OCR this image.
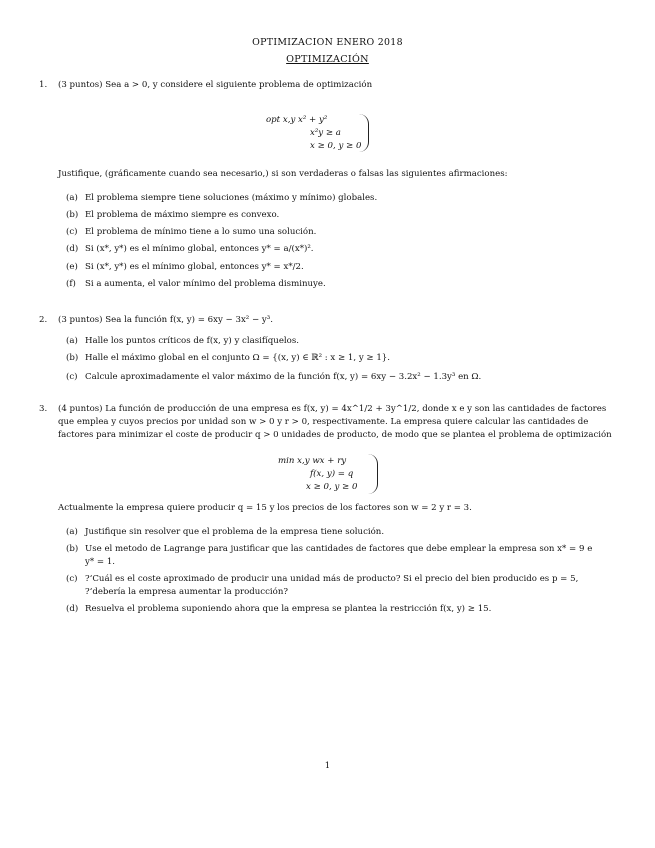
OPTIMIZACION ENERO 2018
OPTIMIZACIÓN
1. (3 puntos) Sea a > 0, y considere el siguiente problema de optimización
opt x,y x² + y²
x²y ≥ a
x ≥ 0, y ≥ 0
Justifique, (gráficamente cuando sea necesario,) si son verdaderas o falsas las siguientes afirmaciones:
(a) El problema siempre tiene soluciones (máximo y mínimo) globales.
(b) El problema de máximo siempre es convexo.
(c) El problema de mínimo tiene a lo sumo una solución.
(d) Si (x*, y*) es el mínimo global, entonces y* = a/(x*)².
(e) Si (x*, y*) es el mínimo global, entonces y* = x*/2.
(f) Si a aumenta, el valor mínimo del problema disminuye.
2. (3 puntos) Sea la función f(x, y) = 6xy − 3x² − y³.
(a) Halle los puntos críticos de f(x, y) y clasifíquelos.
(b) Halle el máximo global en el conjunto Ω = {(x, y) ∈ ℝ² : x ≥ 1, y ≥ 1}.
(c) Calcule aproximadamente el valor máximo de la función f(x, y) = 6xy − 3.2x² − 1.3y³ en Ω.
3. (4 puntos) La función de producción de una empresa es f(x, y) = 4x^1/2 + 3y^1/2, donde x e y son las cantidades de factores que emplea y cuyos precios por unidad son w > 0 y r > 0, respectivamente. La empresa quiere calcular las cantidades de factores para minimizar el coste de producir q > 0 unidades de producto, de modo que se plantea el problema de optimización
min x,y wx + ry
f(x, y) = q
x ≥ 0, y ≥ 0
Actualmente la empresa quiere producir q = 15 y los precios de los factores son w = 2 y r = 3.
(a) Justifique sin resolver que el problema de la empresa tiene solución.
(b) Use el metodo de Lagrange para justificar que las cantidades de factores que debe emplear la empresa son x* = 9 e y* = 1.
(c) ?‘Cuál es el coste aproximado de producir una unidad más de producto? Si el precio del bien producido es p = 5, ?‘debería la empresa aumentar la producción?
(d) Resuelva el problema suponiendo ahora que la empresa se plantea la restricción f(x, y) ≥ 15.
1
